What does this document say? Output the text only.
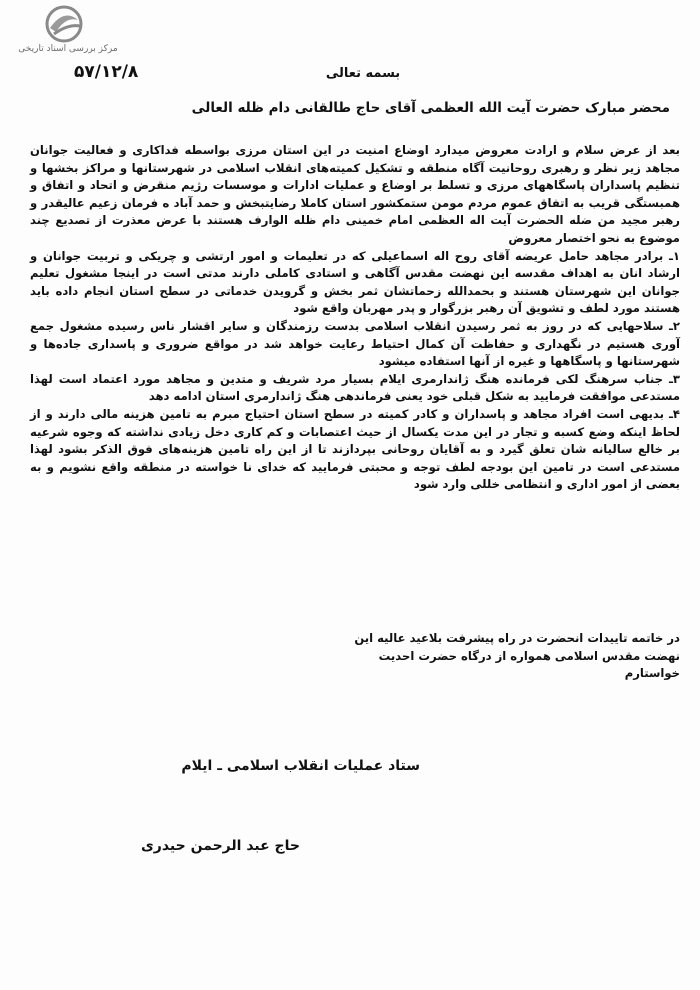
مرکز بررسی اسناد تاریخی
۵۷/۱۲/۸	بسمه تعالی
محضر مبارک حضرت آیت الله العظمی آقای حاج طالقانی دام ظله العالی

بعد از عرض سلام و ارادت معروض میدارد اوضاع امنیت در این استان مرزی بواسطه فداکاری و فعالیت جوانان مجاهد زیر نظر و رهبری روحانیت آگاه منطقه و تشکیل کمیته‌های انقلاب اسلامی در شهرستانها و مراکز بخشها و تنظیم پاسداران پاسگاههای مرزی و تسلط بر اوضاع و عملیات ادارات و موسسات رژیم منقرض و اتحاد و اتفاق و همبستگی قریب به اتفاق عموم مردم مومن ستمکشور استان کاملا رضایتبخش و حمد آباد ه فرمان زعیم عالیقدر و رهبر مجید من ضله الحضرت آیت اله العظمی امام خمینی دام ظله الوارف هستند با عرض معذرت از تصدیع چند موضوع به نحو اختصار معروض

۱ـ برادر مجاهد حامل عریضه آقای روح اله اسماعیلی که در تعلیمات و امور ارتشی و چریکی و تربیت جوانان و ارشاد انان به اهداف مقدسه این نهضت مقدس آگاهی و استادی کاملی دارند مدتی است در اینجا مشغول تعلیم جوانان این شهرستان هستند و بحمدالله زحماتشان ثمر بخش و گرویدن خدماتی در سطح استان انجام داده باید هستند مورد لطف و تشویق آن رهبر بزرگوار و پدر مهربان واقع شود

۲ـ سلاحهایی که در روز به ثمر رسیدن انقلاب اسلامی بدست رزمندگان و سایر اقشار ناس رسیده مشغول جمع آوری هستیم در نگهداری و حفاظت آن کمال احتیاط رعایت خواهد شد در مواقع ضروری و پاسداری جاده‌ها و شهرستانها و پاسگاهها و غیره از آنها استفاده میشود

۳ـ جناب سرهنگ لکی فرمانده هنگ ژاندارمری ایلام بسیار مرد شریف و متدین و مجاهد مورد اعتماد است لهذا مستدعی موافقت فرمایید به شکل قبلی خود یعنی فرماندهی هنگ ژاندارمری استان ادامه دهد

۴ـ بدیهی است افراد مجاهد و پاسداران و کادر کمیته در سطح استان احتیاج مبرم به تامین هزینه مالی دارند و از لحاظ اینکه وضع کسبه و تجار در این مدت یکسال از حیث اعتصابات و کم کاری دخل زیادی نداشته که وجوه شرعیه بر خالع ساليانه شان تعلق گیرد و به آقایان روحانی بپردازند تا از این راه تامین هزینه‌های فوق الذکر بشود لهذا مستدعی است در تامین این بودجه لطف توجه و محبتی فرمایید که خدای نا خواسته در منطقه واقع نشویم و به بعضی از امور اداری و انتظامی خللی وارد شود

در خاتمه تاییدات انحضرت در راه پیشرفت بلاعید عالیه این نهضت مقدس اسلامی همواره از درگاه حضرت احدیت خواستارم
ستاد عملیات انقلاب اسلامی ـ ایلام
حاج عبد الرحمن حیدری
